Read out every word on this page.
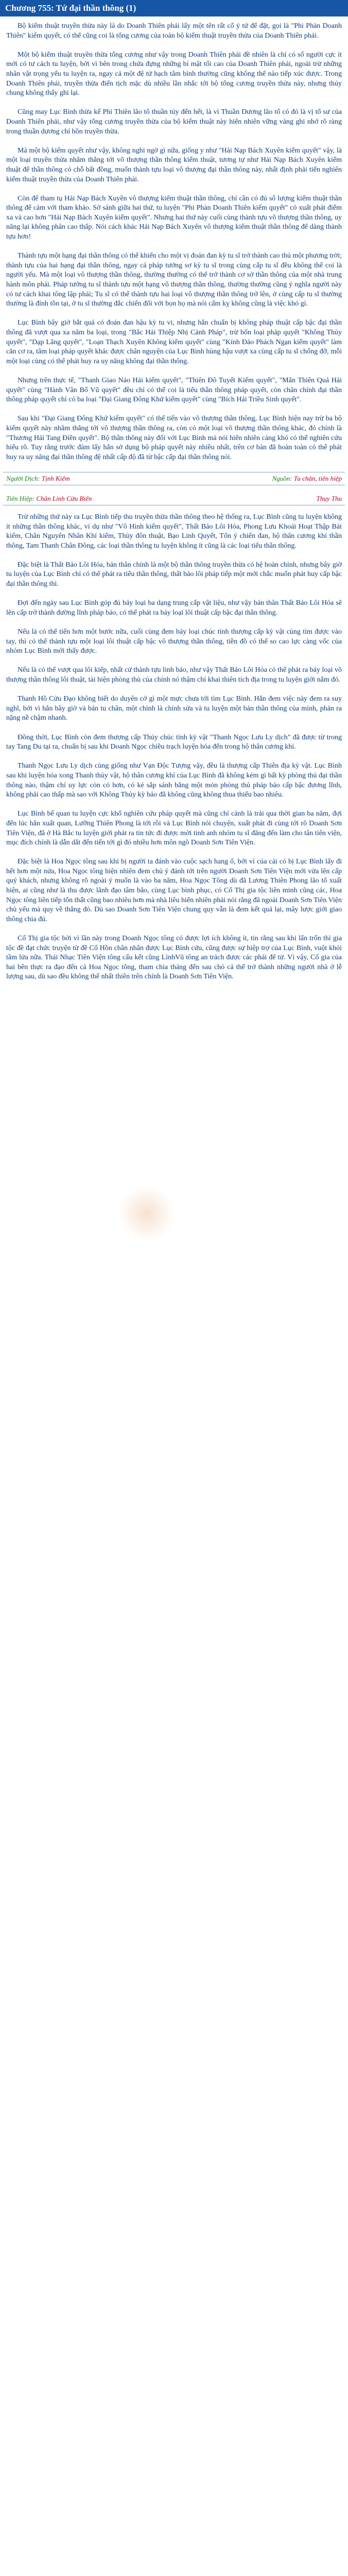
Chương 755: Tứ đại thần thông (1)

Bộ kiếm thuật truyền thừa này là do Doanh Thiên phái lấy một tên rất cổ ý tứ để đặt, gọi là "Phi Phàn Doanh Thiên" kiếm quyết, có thể cũng coi là tổng cương của toàn bộ kiếm thuật truyền thừa của Doanh Thiên phái.

Một bộ kiếm thuật truyền thừa tổng cương như vậy trong Doanh Thiên phái đề nhiên là chỉ có số người cực ít mới có tư cách tu luyện, bởi vì bên trong chứa đựng những bí mật tối cao của Doanh Thiên phái, ngoài trừ những nhân vật trọng yếu tu luyện ra, ngay cả một đệ tử hạch tâm bình thường cũng không thể nào tiếp xúc được. Trong Doanh Thiên phái, truyền thừa điển tịch mặc dù nhiều lần nhắc tới bộ tổng cương truyền thừa này, nhưng thủy chung không thấy ghi lại.

Cũng may Lục Bình thừa kế Phi Thiên lão tổ thuần túy đến hết, là vì Thuần Dương lão tổ có đó là vị tổ sư của Doanh Thiên phái, như vậy tổng cương truyền thừa của bộ kiếm thuật này hiển nhiên vững vàng ghi nhớ rõ ràng trong thuần dương chỉ hồn truyền thừa.

Mà một bộ kiếm quyết như vậy, không nghi ngờ gì nữa, giống y như "Hải Nạp Bách Xuyên kiếm quyết" vậy, là một loại truyền thừa nhằm thẳng tới võ thượng thần thông kiếm thuật, tương tự như Hải Nạp Bách Xuyên kiếm thuật để thần thông có chỗ bất đồng, muốn thành tựu loại vô thượng đại thần thông này, nhất định phải tiến nghiên kiếm thuật truyền thừa của Doanh Thiên phái.

Còn để tham tụ Hải Nạp Bách Xuyên vô thượng kiếm thuật thần thông, chỉ cần có đủ số lượng kiếm thuật thần thông để cảm với tham khảo. Sở sánh giữa hai thứ, tu luyện "Phi Phàn Doanh Thiên kiếm quyết" có xuất phát điểm xa và cao hơn "Hải Nạp Bách Xuyên kiếm quyết". Nhưng hai thứ này cuối cùng thành tựu võ thượng thần thông, uy năng lại không phân cao thấp. Nói cách khác Hải Nạp Bách Xuyên vô thượng kiếm thuật thần thông để dàng thành tựu hơn!

Thành tựu một hạng đại thần thông có thể khiến cho một vị đoán đan kỳ tu sĩ trở thành cao thủ một phương trời; thành tựu của hai hạng đại thần thông, ngay cả pháp tướng sơ kỳ tu sĩ trong cùng cấp tu sĩ đều không thể coi là người yếu. Mà một loại vô thượng thần thông, thường thường có thể trở thành cơ sở thần thông của một nhà trung hành môn phái. Pháp tướng tu sĩ thành tựu một hạng vô thượng thần thông, thường thường cũng ý nghĩa người này có tư cách khai tông lập phái; Tu sĩ có thể thành tựu hai loại vô thượng thần thông trở lên, ở cùng cấp tu sĩ thường thường là đỉnh tồn tại, ở tu sĩ thường đắc chiến đối với bọn họ mà nói cấm kỵ không cũng là việc khó gì.

Lục Bình bây giờ bắt quá có đoán đan hậu kỳ tu vi, nhưng hắn chuẩn bị không pháp thuật cấp bậc đại thần thông đã vượt qua xa năm ba loại, trong "Bắc Hải Thiệp Nhị Cảnh Pháp", trừ bốn loại pháp quyết "Không Thủy quyết", "Dạp Lăng quyết", "Loạn Thạch Xuyên Không kiếm quyết" cùng "Kính Đảo Phách Ngạn kiếm quyết" làm căn cơ ra, tâm loại pháp quyết khác được chân nguyện của Lục Bình hùng hậu vượt xa cùng cấp tu sĩ chống đỡ, mỗi một loại cùng có thể phát huy ra uy năng không đại thần thông.

Nhưng trên thực tế, "Thanh Giao Náo Hải kiếm quyết", "Thiên Đô Tuyết Kiếm quyết", "Mãn Thiên Quả Hải quyết" cùng "Hành Vân Bố Vũ quyết" đều chỉ có thể coi là tiểu thần thông pháp quyết, còn chân chính đại thần thông pháp quyết chỉ có ba loại "Đại Giang Đông Khứ kiếm quyết" cùng "Bích Hải Triều Sinh quyết".

Sau khi "Đại Giang Đông Khứ kiếm quyết" có thể tiến vào võ thượng thần thông, Lục Bình hiện nay trừ ba bộ kiếm quyết này nhằm thẳng tới võ thượng thần thông ra, còn có một loại võ thượng thần thông khác, đó chính là "Thương Hải Tang Điền quyết". Bộ thần thông này đối với Lục Bình mà nói hiển nhiên càng khó có thể nghiên cứu hiểu rõ. Tuy rằng trước đám lấy hắn sở dụng bộ pháp quyết này nhiều nhất, trên cơ bản đã hoàn toàn có thể phát huy ra uy năng đại thần thông đệ nhất cấp độ đã từ bậc cấp đại thần thông nói.

Người Dịch: Tịnh Kiếm	Nguồn: Tu chân, tiên hiệp
Tiên Hiệp: Chân Linh Cửu Biến	Thụy Thu

Trừ những thứ này ra Lục Bình tiếp thu truyền thừa thần thông theo hệ thống ra, Lục Bình cũng tu luyện không ít những thần thông khác, ví dụ như "Vô Hình kiếm quyết", Thất Bảo Lôi Hỏa, Phong Lưu Khoái Hoạt Thập Bát kiếm, Chân Nguyên Nhân Khí kiếm, Thủy đôn thuật, Bạo Linh Quyết, Tổn ý chiến đan, hộ thân cương khí thần thông, Tam Thanh Chân Đông, các loại thần thông tu luyện không ít cũng là các loại tiểu thần thông.

Đặc biệt là Thất Bảo Lôi Hỏa, bản thân chính là một bộ thần thông truyền thừa có hệ hoàn chỉnh, nhưng bây giờ tu luyện của Lục Bình chỉ có thể phát ra tiểu thần thông, thất bảo lôi pháp tiếp một mới chắc muốn phát huy cấp bậc đại thần thông thì.

Đợi đến ngày sau Lục Bình góp đủ bảy loại ba dạng trung cấp vật liệu, như vậy bản thân Thất Bảo Lôi Hỏa sẽ lên cấp trở thành đường lĩnh pháp bảo, có thể phát ra bảy loại lôi thuật cấp bậc đại thần thông.

Nếu là có thể tiến hơn một bước nữa, cuối cùng đem bảy loại chúc tính thượng cấp kỳ vật cùng tìm được vào tay, thì có thể thành tựu một loại lôi thuật cấp bậc vô thượng thần thông, tiền đồ có thể so cao lực càng vốc của nhóm Lục Bình mới thấy được.

Nếu là có thể vượt qua lôi kiếp, nhất cử thành tựu linh bảo, như vậy Thất Bảo Lôi Hỏa có thể phát ra bảy loại võ thượng thần thông lôi thuật, tài hiện phòng thủ của chính nó thậm chí khai thiên tích địa trong tu luyện giới nắm đó.

Thanh Hồ Cửu Đạo không biết do duyên cớ gì một mực chưa tới tìm Lục Bình. Hắn đem việc này đem ra suy nghĩ, bởi vì hắn bây giờ và bản tu chân, một chính là chính sửa và tu luyện một bản thần thông của mình, phản ra nặng nề chậm nhanh.

Đồng thời, Lục Bình còn đem thượng cấp Thủy chúc tính kỳ vật "Thanh Ngọc Lưu Ly dịch" đã được từ trong tay Tang Du tại ra, chuẩn bị sau khi Doanh Ngọc chiều trạch luyện hóa đến trong hộ thân cương khí.

Thanh Ngọc Lưu Ly dịch cùng giống như Vạn Độc Tượng vậy, đều là thượng cấp Thiên địa kỳ vật. Lục Bình sau khi luyện hóa xong Thanh thủy vật, hộ thân cương khí của Lục Bình đã không kém gì bất kỳ phòng thủ đại thần thông nào, thậm chí uy lực còn có hơn, có kẻ sắp sánh bằng một món phòng thủ pháp bảo cấp bậc đương lĩnh, không phải cao thấp mà sao với Không Thủy kỳ bảo đã không cũng không thua thiếu bao nhiêu.

Lục Bình bế quan tu luyện cực khổ nghiên cứu pháp quyết mà cũng chỉ cảnh là trải qua thời gian ba năm, đợi đến lúc hắn xuất quan, Lưỡng Thiên Phong là tới rồi và Lục Bình nói chuyện, xuất phát đi cùng tới rõ Doanh Sơn Tiên Viện, đã ở Hà Bắc tu luyện giới phát ra tin tức đi được mời tinh anh nhóm tu sĩ đăng đến làm cho tân tiên viện, mục đích chính là dẫn dắt đến tiến tới gì đó nhiều hơn môn ngõ Doanh Sơn Tiên Viện.

Đặc biệt là Hoa Ngọc tông sau khi bị người ta đánh vào cuộc sạch hang ổ, bởi vì của cải có bị Lục Bình lấy đi hết hơn một nửa, Hoa Ngọc tông hiện nhiên đem chủ ý đánh tới trên người Doanh Sơn Tiên Viện mới vừa lên cấp quý khách, nhưng không rõ ngoài ý muốn là vào ba năm, Hoa Ngọc Tông dù đã Lương Thiên Phong lão tổ xuất hiện, ai cũng như là thu được lãnh đạo tâm bão, cùng Lục bình phục, có Cố Thị gia tộc liên minh cũng các, Hoa Ngọc tông liên tiếp tổn thất cũng bao nhiêu hơn mà nhà liêu hiển nhiên phải nói rằng đã ngoài Doanh Sơn Tiên Viện chủ yếu mà quy về thắng đó. Dù sao Doanh Sơn Tiên Viện chung quy vẫn là đem kết quả lại, mây lược giới giao thông chia đủ.

Cố Thị gia tộc bởi vì lần này trong Doanh Ngọc tông có được lợi ích không ít, tin rằng sau khi lẩn trốn thì gia tộc đề đạt chức truyện từ đề Cố Hồn chân nhân được Lục Bình cứu, cũng được sự hiệp trợ của Lục Bình, vuột khỏi tầm lửa nữa. Thái Nhạc Tiên Viện tông cấu kết cũng LìnhVũ tông an trách được các phái để tử. Vì vậy, Cố gia của hai bên thực ra đạo đến cả Hoa Ngọc tông, tham chia tháng đến sau chó cả thể trở thành những người nhà ở lễ lượng sau, dù sao đều không thể nhất thiên trên chính là Doanh Sơn Tiên Viện.
